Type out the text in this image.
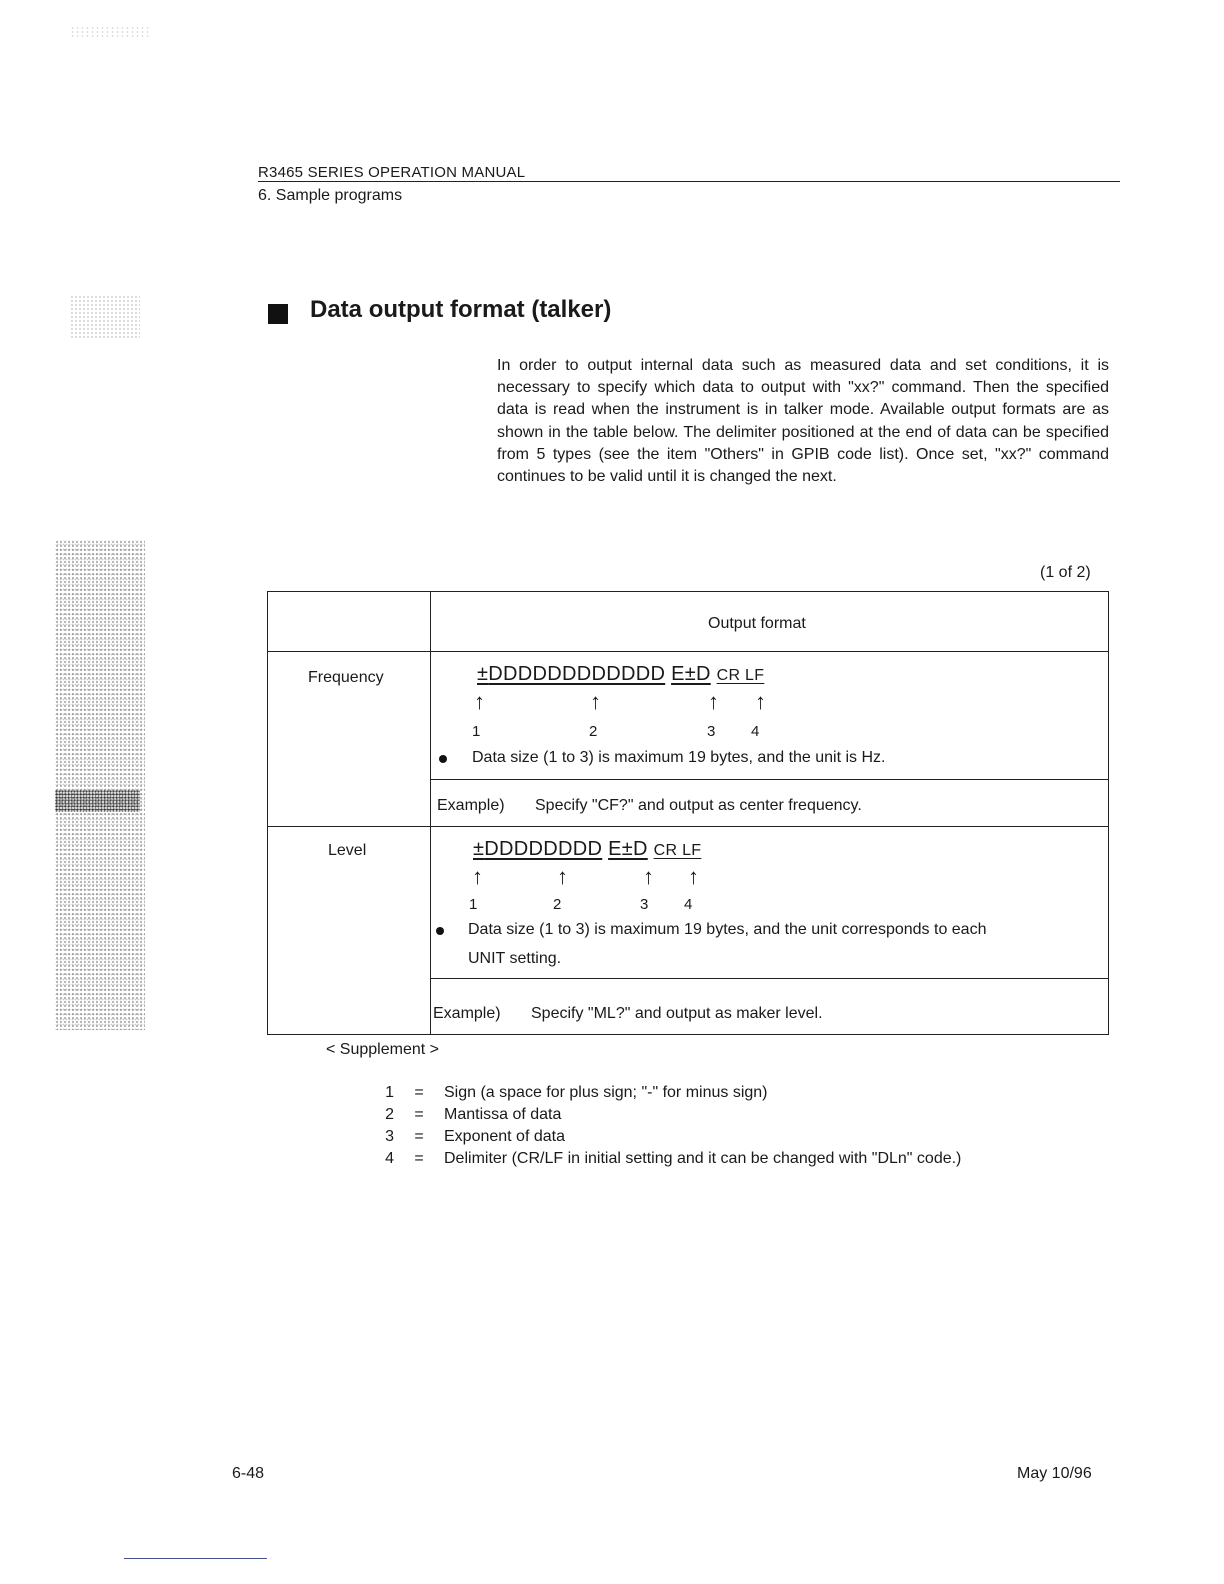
R3465 SERIES OPERATION MANUAL
6. Sample programs
Data output format (talker)
In order to output internal data such as measured data and set conditions, it is necessary to specify which data to output with "xx?" command. Then the specified data is read when the instrument is in talker mode. Available output formats are as shown in the table below. The delimiter positioned at the end of data can be specified from 5 types (see the item "Others" in GPIB code list). Once set, "xx?" command continues to be valid until it is changed the next.
(1 of 2)
Output format
Frequency	±DDDDDDDDDDDD E±D CR LF
↑	↑	↑ ↑
1	2	3 4
Data size (1 to 3) is maximum 19 bytes, and the unit is Hz.
Example) Specify "CF?" and output as center frequency.
Level	±DDDDDDDD E±D CR LF
↑	↑	↑ ↑
1	2	3 4
Data size (1 to 3) is maximum 19 bytes, and the unit corresponds to each
UNIT setting.
Example) Specify "ML?" and output as maker level.
< Supplement >
1 = Sign (a space for plus sign; "-" for minus sign)
2 = Mantissa of data
3 = Exponent of data
4 = Delimiter (CR/LF in initial setting and it can be changed with "DLn" code.)
6-48	May 10/96
